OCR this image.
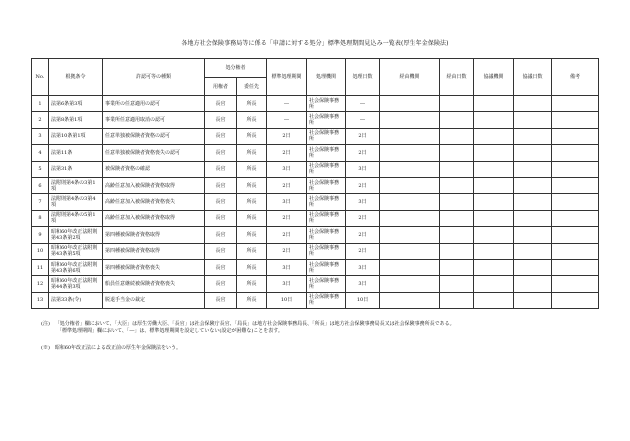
各地方社会保険事務局等に係る「申請に対する処分」標準処理期間見込み一覧表(厚生年金保険法)
No.	根拠条令	許認可等の種類	処分権者		標準処理期間	処理機関	処理日数	経由機関	経由日数	協議機関	協議日数	備考
			用権者	委任先								
1	法第6条第3項	事業所の任意適用の認可	長官	所長	―	社会保険事務所	―					
2	法第8条第1項	事業所任意適用取消の認可	長官	所長	―	社会保険事務所	―					
3	法第10条第1項	任意単独被保険者資格の認可	長官	所長	2日	社会保険事務所	2日					
4	法第11条	任意単独被保険者資格喪失の認可	長官	所長	2日	社会保険事務所	2日					
5	法第31条	被保険者資格の確認	長官	所長	3日	社会保険事務所	3日					
6	法附則第4条の3第1項	高齢任意加入被保険者資格取得	長官	所長	2日	社会保険事務所	2日					
7	法附則第4条の3第4項	高齢任意加入被保険者資格喪失	長官	所長	3日	社会保険事務所	3日					
8	法附則第4条の5第1項	高齢任意加入被保険者資格取得	長官	所長	2日	社会保険事務所	2日					
9	昭和60年改正法附則第43条第2項	第四種被保険者資格取得	長官	所長	2日	社会保険事務所	2日					
10	昭和60年改正法附則第43条第5項	第四種被保険者資格取得	長官	所長	2日	社会保険事務所	2日					
11	昭和60年改正法附則第43条第6項	第四種被保険者資格喪失	長官	所長	3日	社会保険事務所	3日					
12	昭和60年改正法附則第44条第3項	船員任意継続被保険者資格喪失	長官	所長	3日	社会保険事務所	3日					
13	法第33条(令)	脱退手当金の裁定	長官	所長	10日	社会保険事務所	10日					
(注) 「処分権者」欄において、「大臣」は厚生労働大臣、「長官」は社会保険庁長官、「局長」は地方社会保険事務局長、「所長」は地方社会保険事務局長又は社会保険事務所長である。
「標準処理期間」欄において、「―」は、標準処理期間を設定していない(設定が困難な)ことを表す。
(※) 昭和60年改正法による改正前の厚生年金保険法をいう。
